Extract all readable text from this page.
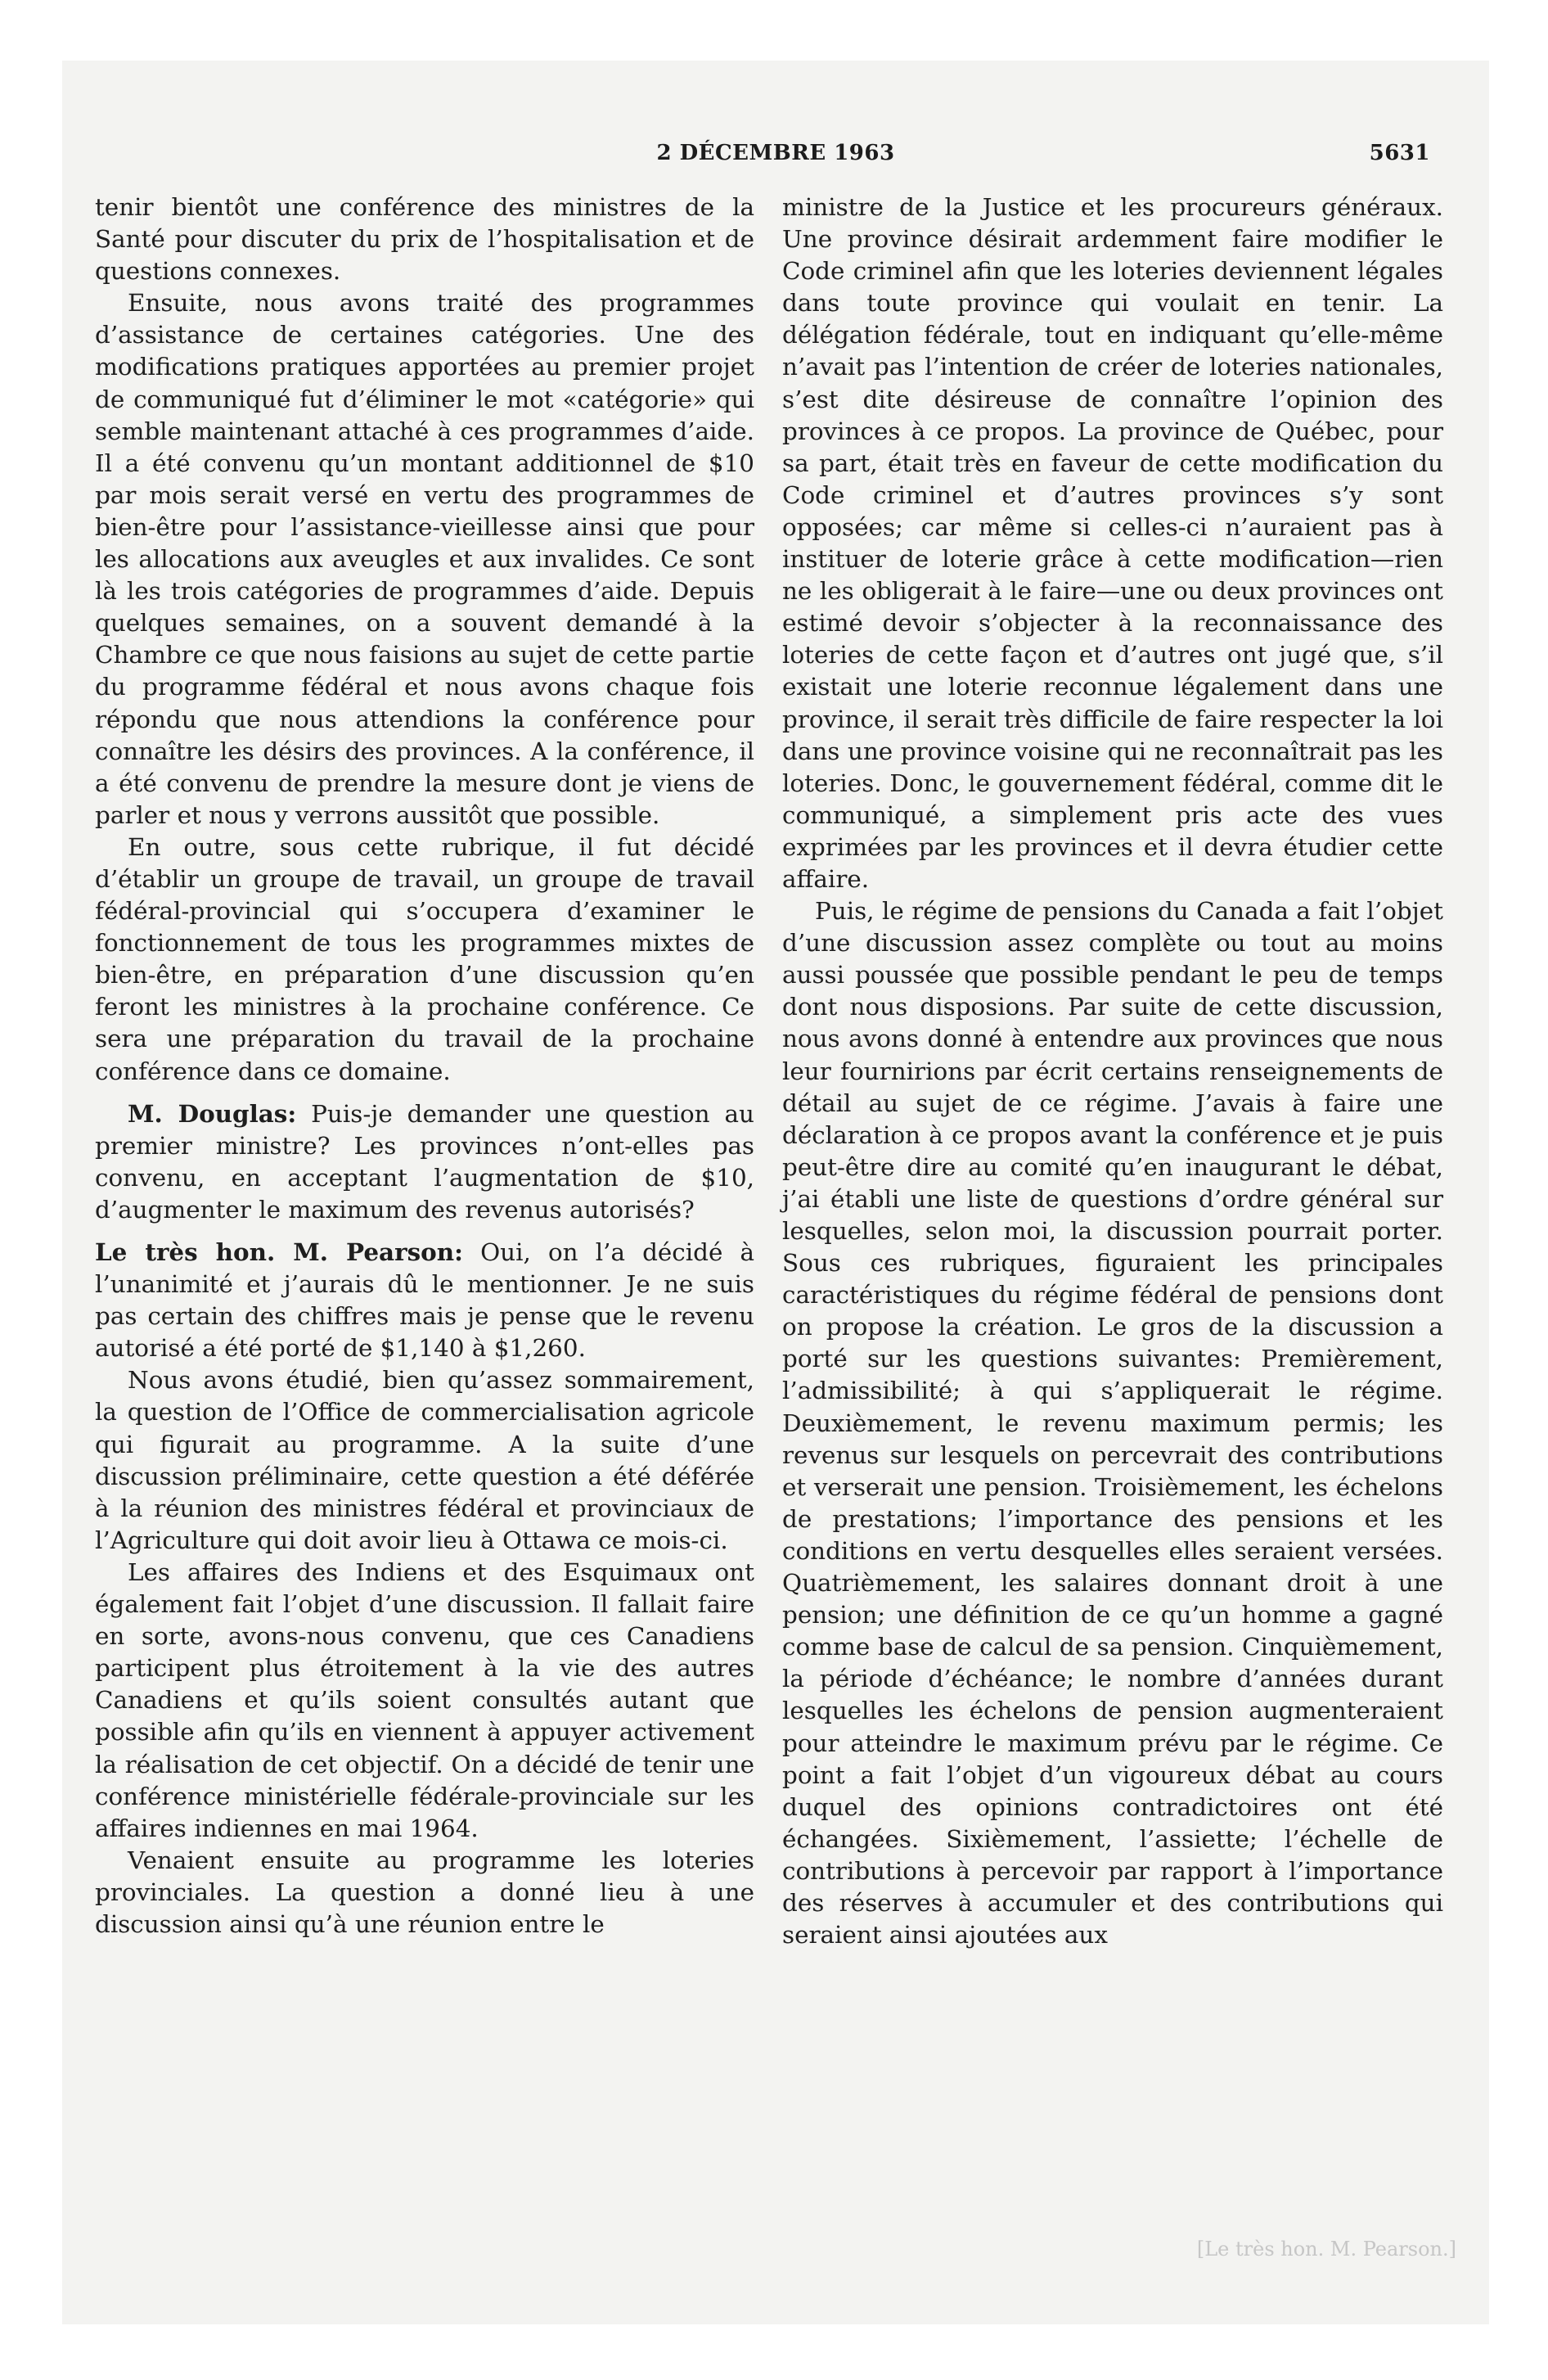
2 DÉCEMBRE 1963	5631

tenir bientôt une conférence des ministres de la Santé pour discuter du prix de l’hospitalisation et de questions connexes.

Ensuite, nous avons traité des programmes d’assistance de certaines catégories. Une des modifications pratiques apportées au premier projet de communiqué fut d’éliminer le mot «catégorie» qui semble maintenant attaché à ces programmes d’aide. Il a été convenu qu’un montant additionnel de $10 par mois serait versé en vertu des programmes de bien-être pour l’assistance-vieillesse ainsi que pour les allocations aux aveugles et aux invalides. Ce sont là les trois catégories de programmes d’aide. Depuis quelques semaines, on a souvent demandé à la Chambre ce que nous faisions au sujet de cette partie du programme fédéral et nous avons chaque fois répondu que nous attendions la conférence pour connaître les désirs des provinces. A la conférence, il a été convenu de prendre la mesure dont je viens de parler et nous y verrons aussitôt que possible.

En outre, sous cette rubrique, il fut décidé d’établir un groupe de travail, un groupe de travail fédéral-provincial qui s’occupera d’examiner le fonctionnement de tous les programmes mixtes de bien-être, en préparation d’une discussion qu’en feront les ministres à la prochaine conférence. Ce sera une préparation du travail de la prochaine conférence dans ce domaine.

M. Douglas: Puis-je demander une question au premier ministre? Les provinces n’ont-elles pas convenu, en acceptant l’augmentation de $10, d’augmenter le maximum des revenus autorisés?

Le très hon. M. Pearson: Oui, on l’a décidé à l’unanimité et j’aurais dû le mentionner. Je ne suis pas certain des chiffres mais je pense que le revenu autorisé a été porté de $1,140 à $1,260.

Nous avons étudié, bien qu’assez sommairement, la question de l’Office de commercialisation agricole qui figurait au programme. A la suite d’une discussion préliminaire, cette question a été déférée à la réunion des ministres fédéral et provinciaux de l’Agriculture qui doit avoir lieu à Ottawa ce mois-ci.

Les affaires des Indiens et des Esquimaux ont également fait l’objet d’une discussion. Il fallait faire en sorte, avons-nous convenu, que ces Canadiens participent plus étroitement à la vie des autres Canadiens et qu’ils soient consultés autant que possible afin qu’ils en viennent à appuyer activement la réalisation de cet objectif. On a décidé de tenir une conférence ministérielle fédérale-provinciale sur les affaires indiennes en mai 1964.

Venaient ensuite au programme les loteries provinciales. La question a donné lieu à une discussion ainsi qu’à une réunion entre le

ministre de la Justice et les procureurs généraux. Une province désirait ardemment faire modifier le Code criminel afin que les loteries deviennent légales dans toute province qui voulait en tenir. La délégation fédérale, tout en indiquant qu’elle-même n’avait pas l’intention de créer de loteries nationales, s’est dite désireuse de connaître l’opinion des provinces à ce propos. La province de Québec, pour sa part, était très en faveur de cette modification du Code criminel et d’autres provinces s’y sont opposées; car même si celles-ci n’auraient pas à instituer de loterie grâce à cette modification—rien ne les obligerait à le faire—une ou deux provinces ont estimé devoir s’objecter à la reconnaissance des loteries de cette façon et d’autres ont jugé que, s’il existait une loterie reconnue légalement dans une province, il serait très difficile de faire respecter la loi dans une province voisine qui ne reconnaîtrait pas les loteries. Donc, le gouvernement fédéral, comme dit le communiqué, a simplement pris acte des vues exprimées par les provinces et il devra étudier cette affaire.

Puis, le régime de pensions du Canada a fait l’objet d’une discussion assez complète ou tout au moins aussi poussée que possible pendant le peu de temps dont nous disposions. Par suite de cette discussion, nous avons donné à entendre aux provinces que nous leur fournirions par écrit certains renseignements de détail au sujet de ce régime. J’avais à faire une déclaration à ce propos avant la conférence et je puis peut-être dire au comité qu’en inaugurant le débat, j’ai établi une liste de questions d’ordre général sur lesquelles, selon moi, la discussion pourrait porter. Sous ces rubriques, figuraient les principales caractéristiques du régime fédéral de pensions dont on propose la création. Le gros de la discussion a porté sur les questions suivantes: Premièrement, l’admissibilité; à qui s’appliquerait le régime. Deuxièmement, le revenu maximum permis; les revenus sur lesquels on percevrait des contributions et verserait une pension. Troisièmement, les échelons de prestations; l’importance des pensions et les conditions en vertu desquelles elles seraient versées. Quatrièmement, les salaires donnant droit à une pension; une définition de ce qu’un homme a gagné comme base de calcul de sa pension. Cinquièmement, la période d’échéance; le nombre d’années durant lesquelles les échelons de pension augmenteraient pour atteindre le maximum prévu par le régime. Ce point a fait l’objet d’un vigoureux débat au cours duquel des opinions contradictoires ont été échangées. Sixièmement, l’assiette; l’échelle de contributions à percevoir par rapport à l’importance des réserves à accumuler et des contributions qui seraient ainsi ajoutées aux

[Le très hon. M. Pearson.]
